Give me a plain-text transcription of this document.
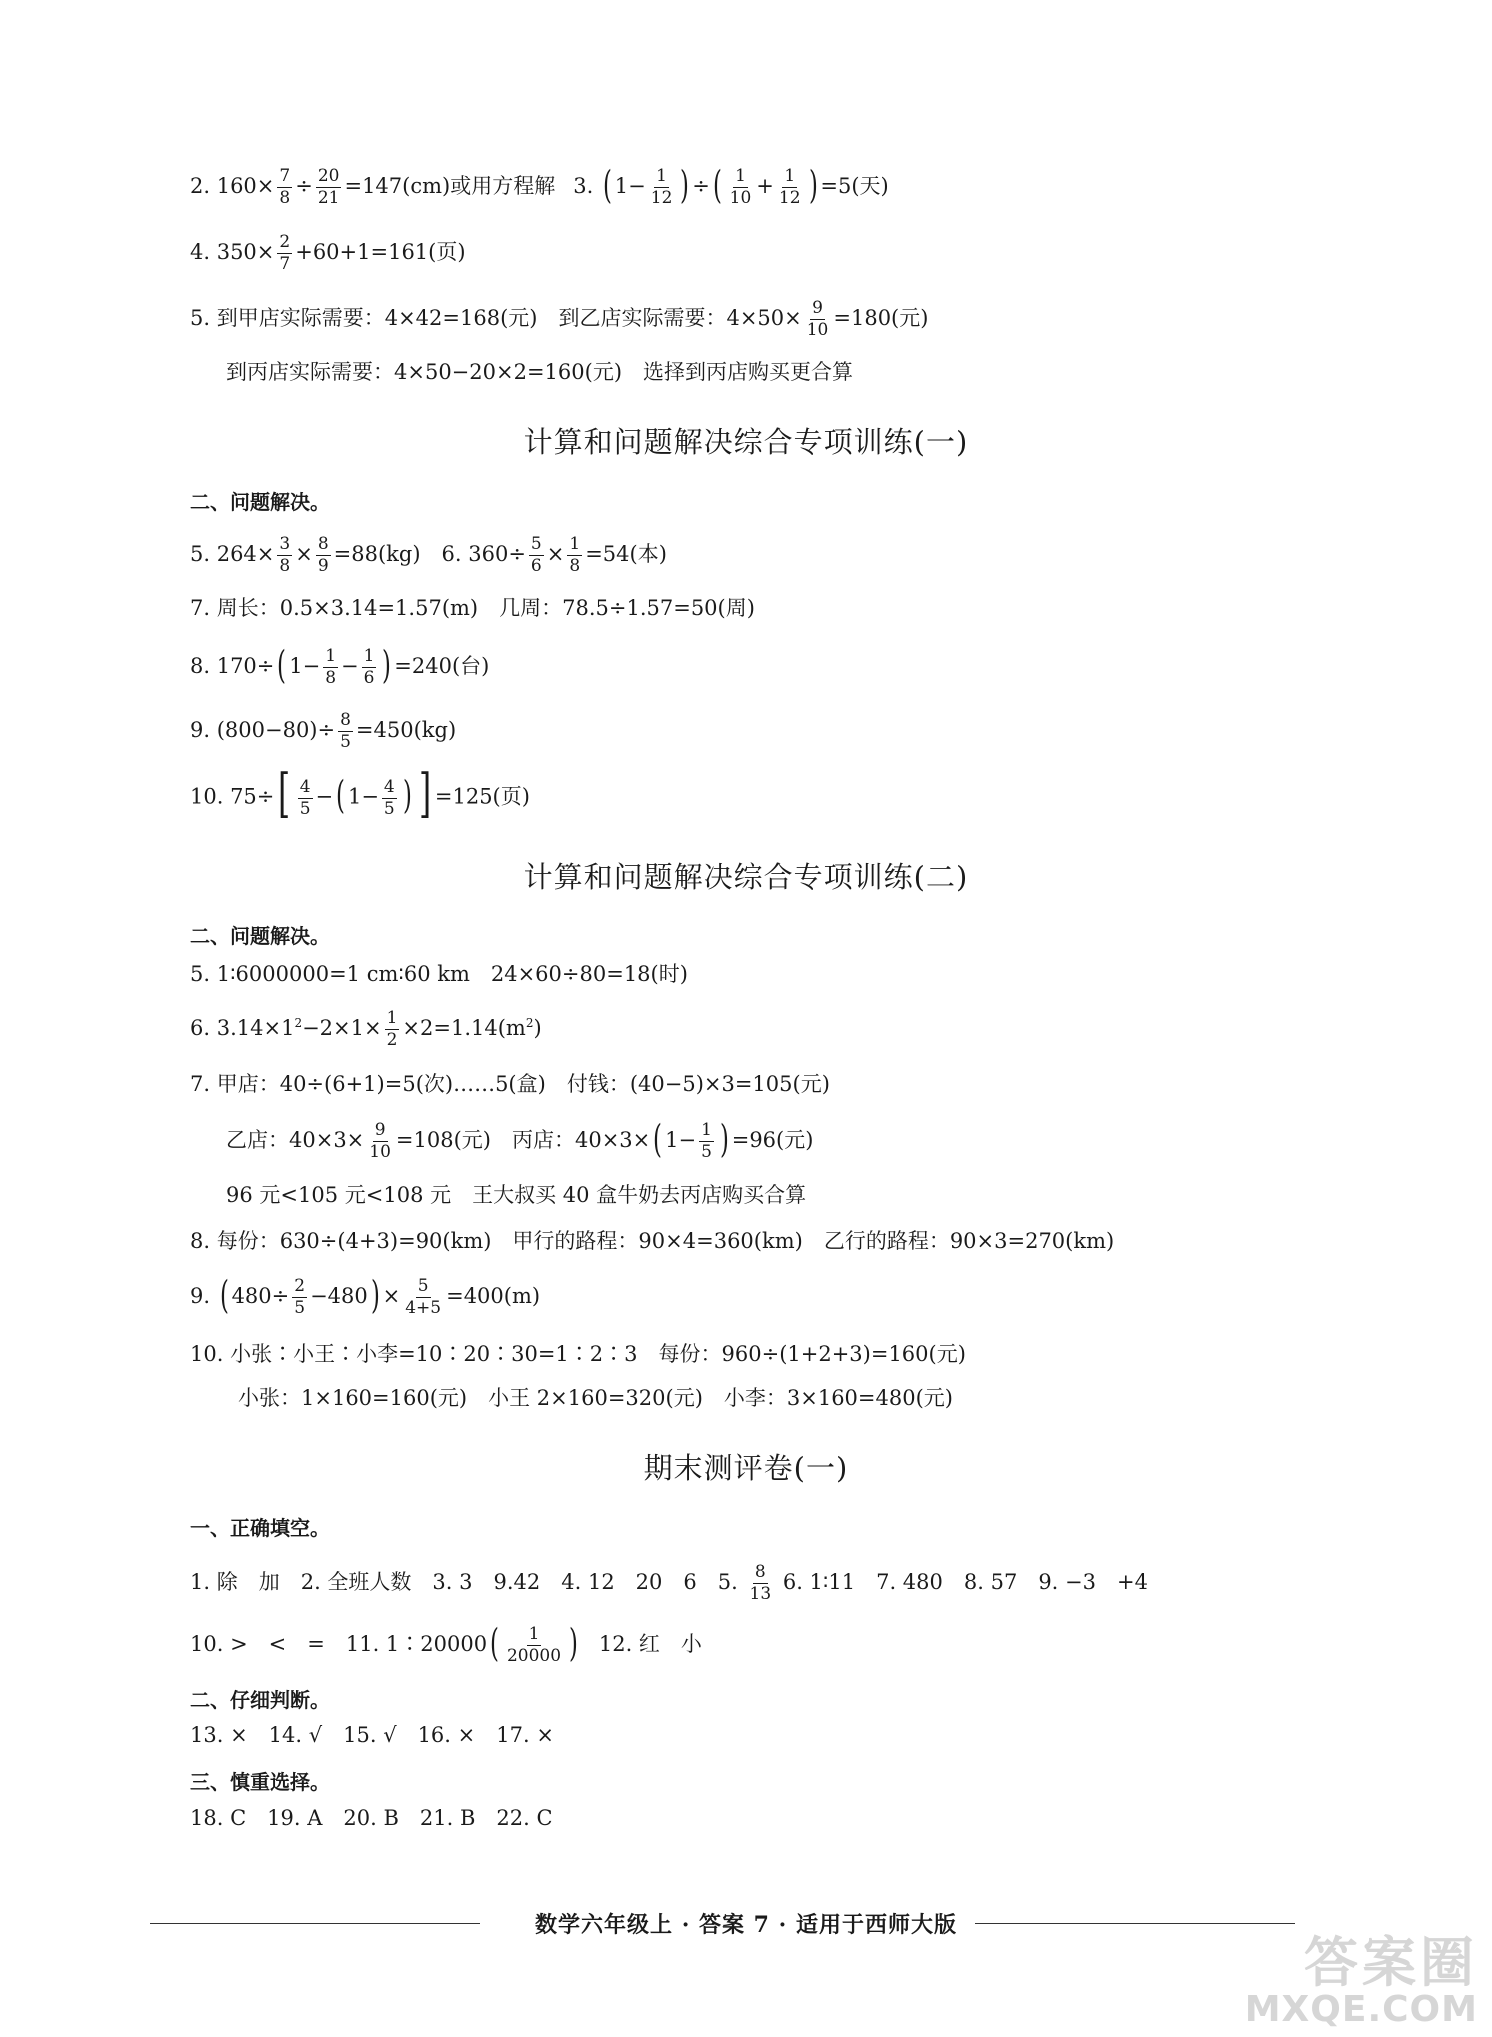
2. $160\times \frac{7}{8} \div \frac{20}{21} =147(cm)$或用方程解 3. ( $1- \frac{1}{12}$ ) ÷( $\frac{1}{10} + \frac{1}{12}$ ) =5(天)
4. $350\times \frac{2}{7} +60+1=161$(页)
5. 到甲店实际需要：4×42=168(元)　到乙店实际需要：$4\times 50\times \frac{9}{10} =180$(元)
到丙店实际需要：4×50−20×2=160(元)　选择到丙店购买更合算
计算和问题解决综合专项训练(一)
二、问题解决。
5. $264\times \frac{3}{8} \times \frac{8}{9} =88(kg)$　6. $360\div \frac{5}{6} \times \frac{1}{8} =54$(本)
7. 周长：0.5×3.14=1.57(m)　几周：78.5÷1.57=50(周)
8. 170÷( $1- \frac{1}{8} - \frac{1}{6}$ ) =240(台)
9. $(800-80)\div \frac{8}{5} =450(kg)$
10. $75\div[ \frac{4}{5}$ −( $1- \frac{4}{5}$ ) ] =125(页)
计算和问题解决综合专项训练(二)
二、问题解决。
5. 1∶6000000=1 cm∶60 km　24×60÷80=18(时)
6. $3.14\times 1^2-2\times 1\times \frac{1}{2} \times 2=1.14(m^2)$
7. 甲店：40÷(6+1)=5(次)……5(盒)　付钱：(40−5)×3=105(元)
乙店：$40\times 3\times \frac{9}{10} =108$(元)　丙店：40×3×( $1- \frac{1}{5}$ ) =96(元)
96 元<105 元<108 元　王大叔买 40 盒牛奶去丙店购买合算
8. 每份：630÷(4+3)=90(km)　甲行的路程：90×4=360(km)　乙行的路程：90×3=270(km)
9. ( $480\div \frac{2}{5} -480) \times \frac{5}{4+5} =400(m)$
10. 小张∶小王∶小李=10∶20∶30=1∶2∶3　每份：960÷(1+2+3)=160(元)
小张：1×160=160(元)　小王 2×160=320(元)　小李：3×160=480(元)
期末测评卷(一)
一、正确填空。
1. 除　加　2. 全班人数　3. 3　9.42　4. 12　20　6　5. $\frac{8}{13} 6$. 1∶11　7. 480　8. 57　9. −3　+4
10. >　<　=　11. 1∶20000( $\frac{1}{20000}$ ) 12. 红　小
二、仔细判断。
13. ×　14. √　15. √　16. ×　17. ×
三、慎重选择。
18. C　19. A　20. B　21. B　22. C
数学六年级上 · 答案 7 · 适用于西师大版
答案圈
MXQE.COM
